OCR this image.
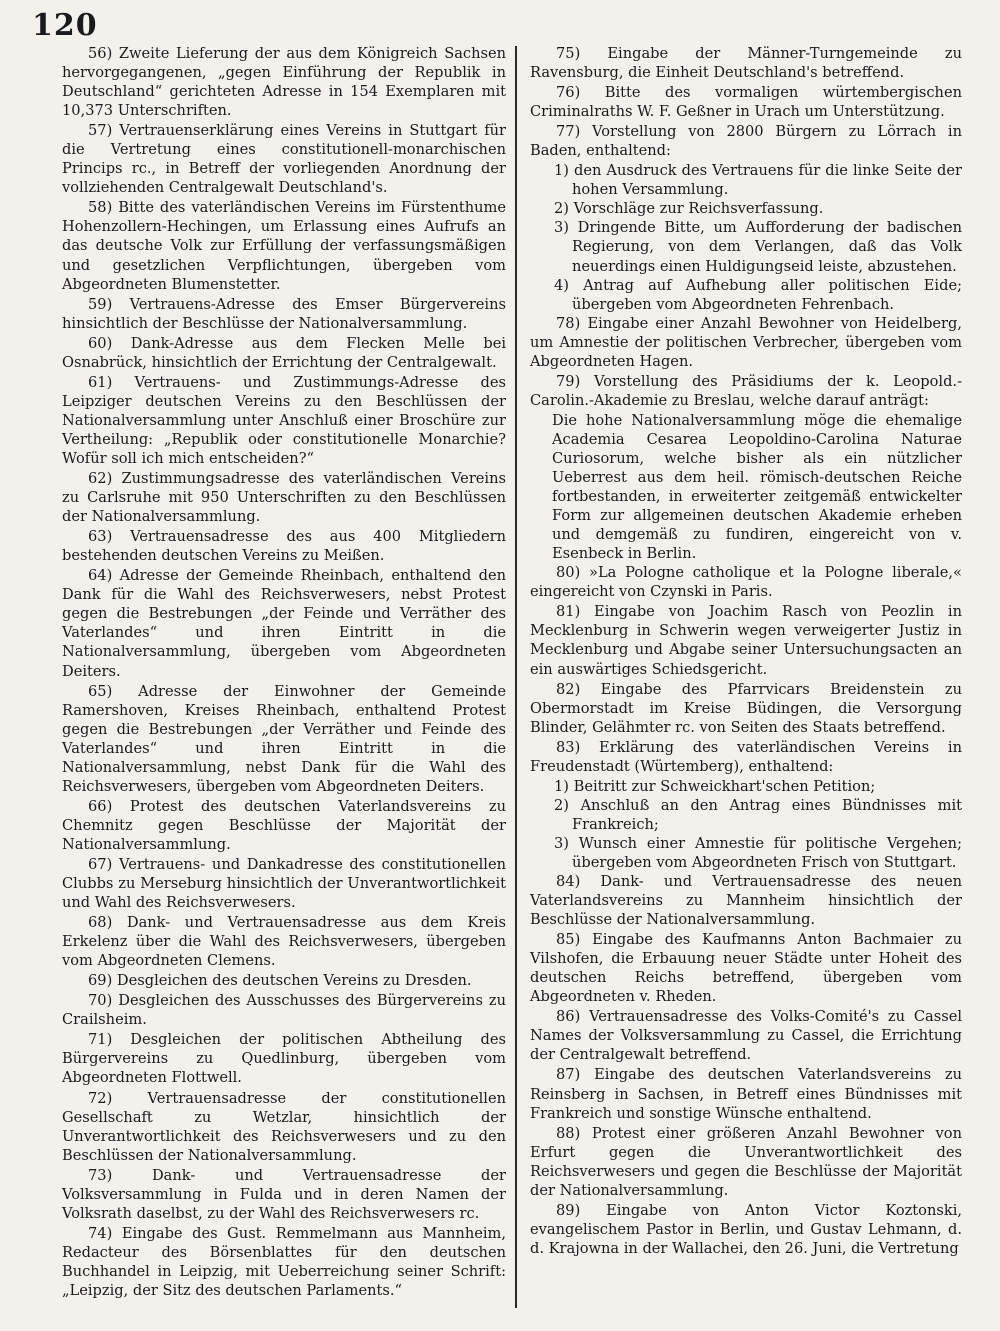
120

56) Zweite Lieferung der aus dem Königreich Sachsen hervorgegangenen, „gegen Einführung der Republik in Deutschland“ gerichteten Adresse in 154 Exemplaren mit 10,373 Unterschriften.

57) Vertrauenserklärung eines Vereins in Stuttgart für die Vertretung eines constitutionell-monarchischen Princips rc., in Betreff der vorliegenden Anordnung der vollziehenden Centralgewalt Deutschland's.

58) Bitte des vaterländischen Vereins im Fürstenthume Hohenzollern-Hechingen, um Erlassung eines Aufrufs an das deutsche Volk zur Erfüllung der verfassungsmäßigen und gesetzlichen Verpflichtungen, übergeben vom Abgeordneten Blumenstetter.

59) Vertrauens-Adresse des Emser Bürgervereins hinsichtlich der Beschlüsse der Nationalversammlung.

60) Dank-Adresse aus dem Flecken Melle bei Osnabrück, hinsichtlich der Errichtung der Centralgewalt.

61) Vertrauens- und Zustimmungs-Adresse des Leipziger deutschen Vereins zu den Beschlüssen der Nationalversammlung unter Anschluß einer Broschüre zur Vertheilung: „Republik oder constitutionelle Monarchie? Wofür soll ich mich entscheiden?“

62) Zustimmungsadresse des vaterländischen Vereins zu Carlsruhe mit 950 Unterschriften zu den Beschlüssen der Nationalversammlung.

63) Vertrauensadresse des aus 400 Mitgliedern bestehenden deutschen Vereins zu Meißen.

64) Adresse der Gemeinde Rheinbach, enthaltend den Dank für die Wahl des Reichsverwesers, nebst Protest gegen die Bestrebungen „der Feinde und Verräther des Vaterlandes“ und ihren Eintritt in die Nationalversammlung, übergeben vom Abgeordneten Deiters.

65) Adresse der Einwohner der Gemeinde Ramershoven, Kreises Rheinbach, enthaltend Protest gegen die Bestrebungen „der Verräther und Feinde des Vaterlandes“ und ihren Eintritt in die Nationalversammlung, nebst Dank für die Wahl des Reichsverwesers, übergeben vom Abgeordneten Deiters.

66) Protest des deutschen Vaterlandsvereins zu Chemnitz gegen Beschlüsse der Majorität der Nationalversammlung.

67) Vertrauens- und Dankadresse des constitutionellen Clubbs zu Merseburg hinsichtlich der Unverantwortlichkeit und Wahl des Reichsverwesers.

68) Dank- und Vertrauensadresse aus dem Kreis Erkelenz über die Wahl des Reichsverwesers, übergeben vom Abgeordneten Clemens.

69) Desgleichen des deutschen Vereins zu Dresden.

70) Desgleichen des Ausschusses des Bürgervereins zu Crailsheim.

71) Desgleichen der politischen Abtheilung des Bürgervereins zu Quedlinburg, übergeben vom Abgeordneten Flottwell.

72) Vertrauensadresse der constitutionellen Gesellschaft zu Wetzlar, hinsichtlich der Unverantwortlichkeit des Reichsverwesers und zu den Beschlüssen der Nationalversammlung.

73) Dank- und Vertrauensadresse der Volksversammlung in Fulda und in deren Namen der Volksrath daselbst, zu der Wahl des Reichsverwesers rc.

74) Eingabe des Gust. Remmelmann aus Mannheim, Redacteur des Börsenblattes für den deutschen Buchhandel in Leipzig, mit Ueberreichung seiner Schrift: „Leipzig, der Sitz des deutschen Parlaments.“

75) Eingabe der Männer-Turngemeinde zu Ravensburg, die Einheit Deutschland's betreffend.

76) Bitte des vormaligen würtembergischen Criminalraths W. F. Geßner in Urach um Unterstützung.

77) Vorstellung von 2800 Bürgern zu Lörrach in Baden, enthaltend:

1) den Ausdruck des Vertrauens für die linke Seite der hohen Versammlung.

2) Vorschläge zur Reichsverfassung.

3) Dringende Bitte, um Aufforderung der badischen Regierung, von dem Verlangen, daß das Volk neuerdings einen Huldigungseid leiste, abzustehen.

4) Antrag auf Aufhebung aller politischen Eide; übergeben vom Abgeordneten Fehrenbach.

78) Eingabe einer Anzahl Bewohner von Heidelberg, um Amnestie der politischen Verbrecher, übergeben vom Abgeordneten Hagen.

79) Vorstellung des Präsidiums der k. Leopold.-Carolin.-Akademie zu Breslau, welche darauf anträgt:

Die hohe Nationalversammlung möge die ehemalige Academia Cesarea Leopoldino-Carolina Naturae Curiosorum, welche bisher als ein nützlicher Ueberrest aus dem heil. römisch-deutschen Reiche fortbestanden, in erweiterter zeitgemäß entwickelter Form zur allgemeinen deutschen Akademie erheben und demgemäß zu fundiren, eingereicht von v. Esenbeck in Berlin.

80) »La Pologne catholique et la Pologne liberale,« eingereicht von Czynski in Paris.

81) Eingabe von Joachim Rasch von Peozlin in Mecklenburg in Schwerin wegen verweigerter Justiz in Mecklenburg und Abgabe seiner Untersuchungsacten an ein auswärtiges Schiedsgericht.

82) Eingabe des Pfarrvicars Breidenstein zu Obermorstadt im Kreise Büdingen, die Versorgung Blinder, Gelähmter rc. von Seiten des Staats betreffend.

83) Erklärung des vaterländischen Vereins in Freudenstadt (Würtemberg), enthaltend:

1) Beitritt zur Schweickhart'schen Petition;

2) Anschluß an den Antrag eines Bündnisses mit Frankreich;

3) Wunsch einer Amnestie für politische Vergehen; übergeben vom Abgeordneten Frisch von Stuttgart.

84) Dank- und Vertrauensadresse des neuen Vaterlandsvereins zu Mannheim hinsichtlich der Beschlüsse der Nationalversammlung.

85) Eingabe des Kaufmanns Anton Bachmaier zu Vilshofen, die Erbauung neuer Städte unter Hoheit des deutschen Reichs betreffend, übergeben vom Abgeordneten v. Rheden.

86) Vertrauensadresse des Volks-Comité's zu Cassel Names der Volksversammlung zu Cassel, die Errichtung der Centralgewalt betreffend.

87) Eingabe des deutschen Vaterlandsvereins zu Reinsberg in Sachsen, in Betreff eines Bündnisses mit Frankreich und sonstige Wünsche enthaltend.

88) Protest einer größeren Anzahl Bewohner von Erfurt gegen die Unverantwortlichkeit des Reichsverwesers und gegen die Beschlüsse der Majorität der Nationalversammlung.

89) Eingabe von Anton Victor Koztonski, evangelischem Pastor in Berlin, und Gustav Lehmann, d. d. Krajowna in der Wallachei, den 26. Juni, die Vertretung
